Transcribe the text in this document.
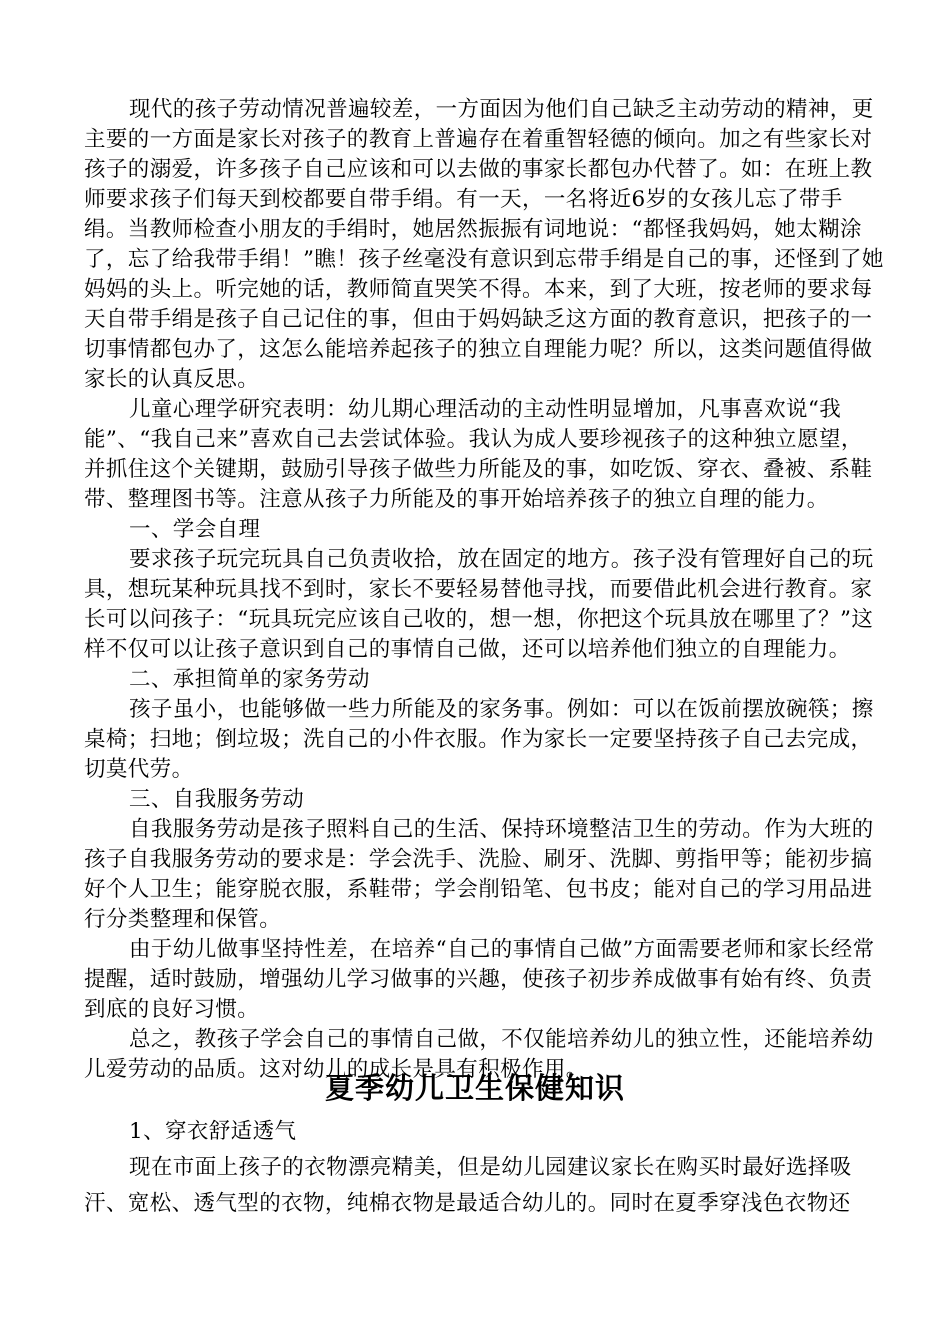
现代的孩子劳动情况普遍较差，一方面因为他们自己缺乏主动劳动的精神，更主要的一方面是家长对孩子的教育上普遍存在着重智轻德的倾向。加之有些家长对孩子的溺爱，许多孩子自己应该和可以去做的事家长都包办代替了。如：在班上教师要求孩子们每天到校都要自带手绢。有一天，一名将近6岁的女孩儿忘了带手绢。当教师检查小朋友的手绢时，她居然振振有词地说：“都怪我妈妈，她太糊涂了，忘了给我带手绢！”瞧！孩子丝毫没有意识到忘带手绢是自己的事，还怪到了她妈妈的头上。听完她的话，教师简直哭笑不得。本来，到了大班，按老师的要求每天自带手绢是孩子自己记住的事，但由于妈妈缺乏这方面的教育意识，把孩子的一切事情都包办了，这怎么能培养起孩子的独立自理能力呢？所以，这类问题值得做家长的认真反思。

儿童心理学研究表明：幼儿期心理活动的主动性明显增加，凡事喜欢说“我能”、“我自己来”喜欢自己去尝试体验。我认为成人要珍视孩子的这种独立愿望，并抓住这个关键期，鼓励引导孩子做些力所能及的事，如吃饭、穿衣、叠被、系鞋带、整理图书等。注意从孩子力所能及的事开始培养孩子的独立自理的能力。

一、学会自理

要求孩子玩完玩具自己负责收拾，放在固定的地方。孩子没有管理好自己的玩具，想玩某种玩具找不到时，家长不要轻易替他寻找，而要借此机会进行教育。家长可以问孩子：“玩具玩完应该自己收的，想一想，你把这个玩具放在哪里了？”这样不仅可以让孩子意识到自己的事情自己做，还可以培养他们独立的自理能力。

二、承担简单的家务劳动

孩子虽小，也能够做一些力所能及的家务事。例如：可以在饭前摆放碗筷；擦桌椅；扫地；倒垃圾；洗自己的小件衣服。作为家长一定要坚持孩子自己去完成，切莫代劳。

三、自我服务劳动

自我服务劳动是孩子照料自己的生活、保持环境整洁卫生的劳动。作为大班的孩子自我服务劳动的要求是：学会洗手、洗脸、刷牙、洗脚、剪指甲等；能初步搞好个人卫生；能穿脱衣服，系鞋带；学会削铅笔、包书皮；能对自己的学习用品进行分类整理和保管。

由于幼儿做事坚持性差，在培养“自己的事情自己做”方面需要老师和家长经常提醒，适时鼓励，增强幼儿学习做事的兴趣，使孩子初步养成做事有始有终、负责到底的良好习惯。

总之，教孩子学会自己的事情自己做，不仅能培养幼儿的独立性，还能培养幼儿爱劳动的品质。这对幼儿的成长是具有积极作用。

夏季幼儿卫生保健知识

1、穿衣舒适透气

现在市面上孩子的衣物漂亮精美，但是幼儿园建议家长在购买时最好选择吸汗、宽松、透气型的衣物，纯棉衣物是最适合幼儿的。同时在夏季穿浅色衣物还
